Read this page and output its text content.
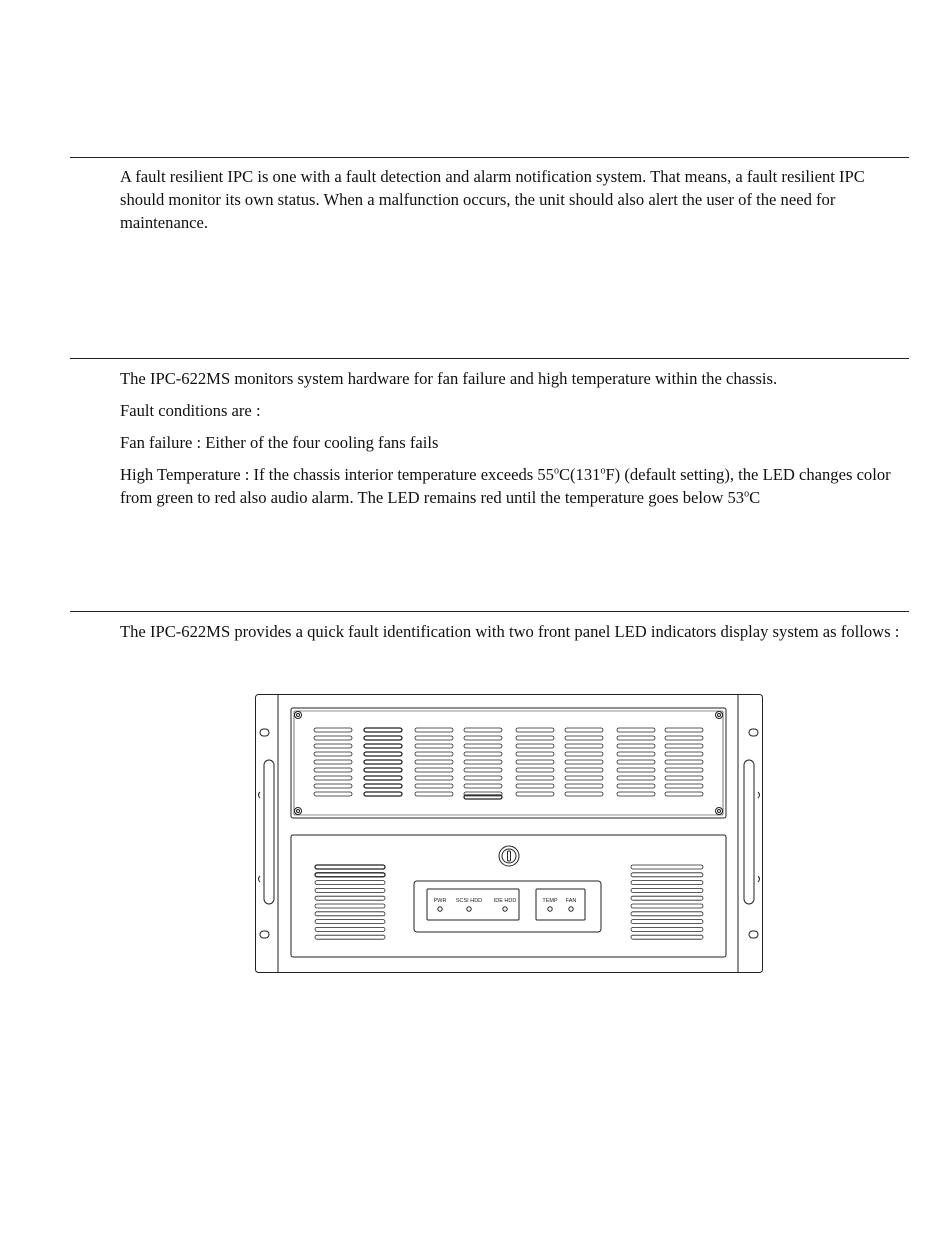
A fault resilient IPC is one with a fault detection and alarm notification system. That means, a fault resilient IPC should monitor its own status. When a malfunction occurs, the unit should also alert the user of the need for maintenance.

The IPC-622MS monitors system hardware for fan failure and high temperature within the chassis.

Fault conditions are :

Fan failure : Either of the four cooling fans fails

High Temperature : If the chassis interior temperature exceeds 55$^o$C(131$^o$F) (default setting), the LED changes color from green to red also audio alarm. The LED remains red until the temperature goes below 53$^o$C

The IPC-622MS provides a quick fault identification with two front panel LED indicators display system as follows :

PWR SCSI HDD IDE HDD	TEMP FAN
